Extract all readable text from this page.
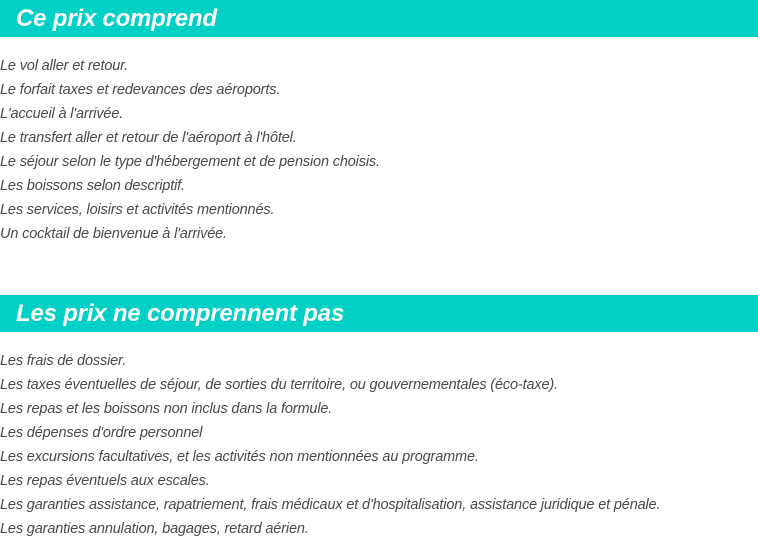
Ce prix comprend
Le vol aller et retour.
Le forfait taxes et redevances des aéroports.
L'accueil à l'arrivée.
Le transfert aller et retour de l'aéroport à l'hôtel.
Le séjour selon le type d'hébergement et de pension choisis.
Les boissons selon descriptif.
Les services, loisirs et activités mentionnés.
Un cocktail de bienvenue à l'arrivée.
Les prix ne comprennent pas
Les frais de dossier.
Les taxes éventuelles de séjour, de sorties du territoire, ou gouvernementales (éco-taxe).
Les repas et les boissons non inclus dans la formule.
Les dépenses d'ordre personnel
Les excursions facultatives, et les activités non mentionnées au programme.
Les repas éventuels aux escales.
Les garanties assistance, rapatriement, frais médicaux et d'hospitalisation, assistance juridique et pénale.
Les garanties annulation, bagages, retard aérien.
